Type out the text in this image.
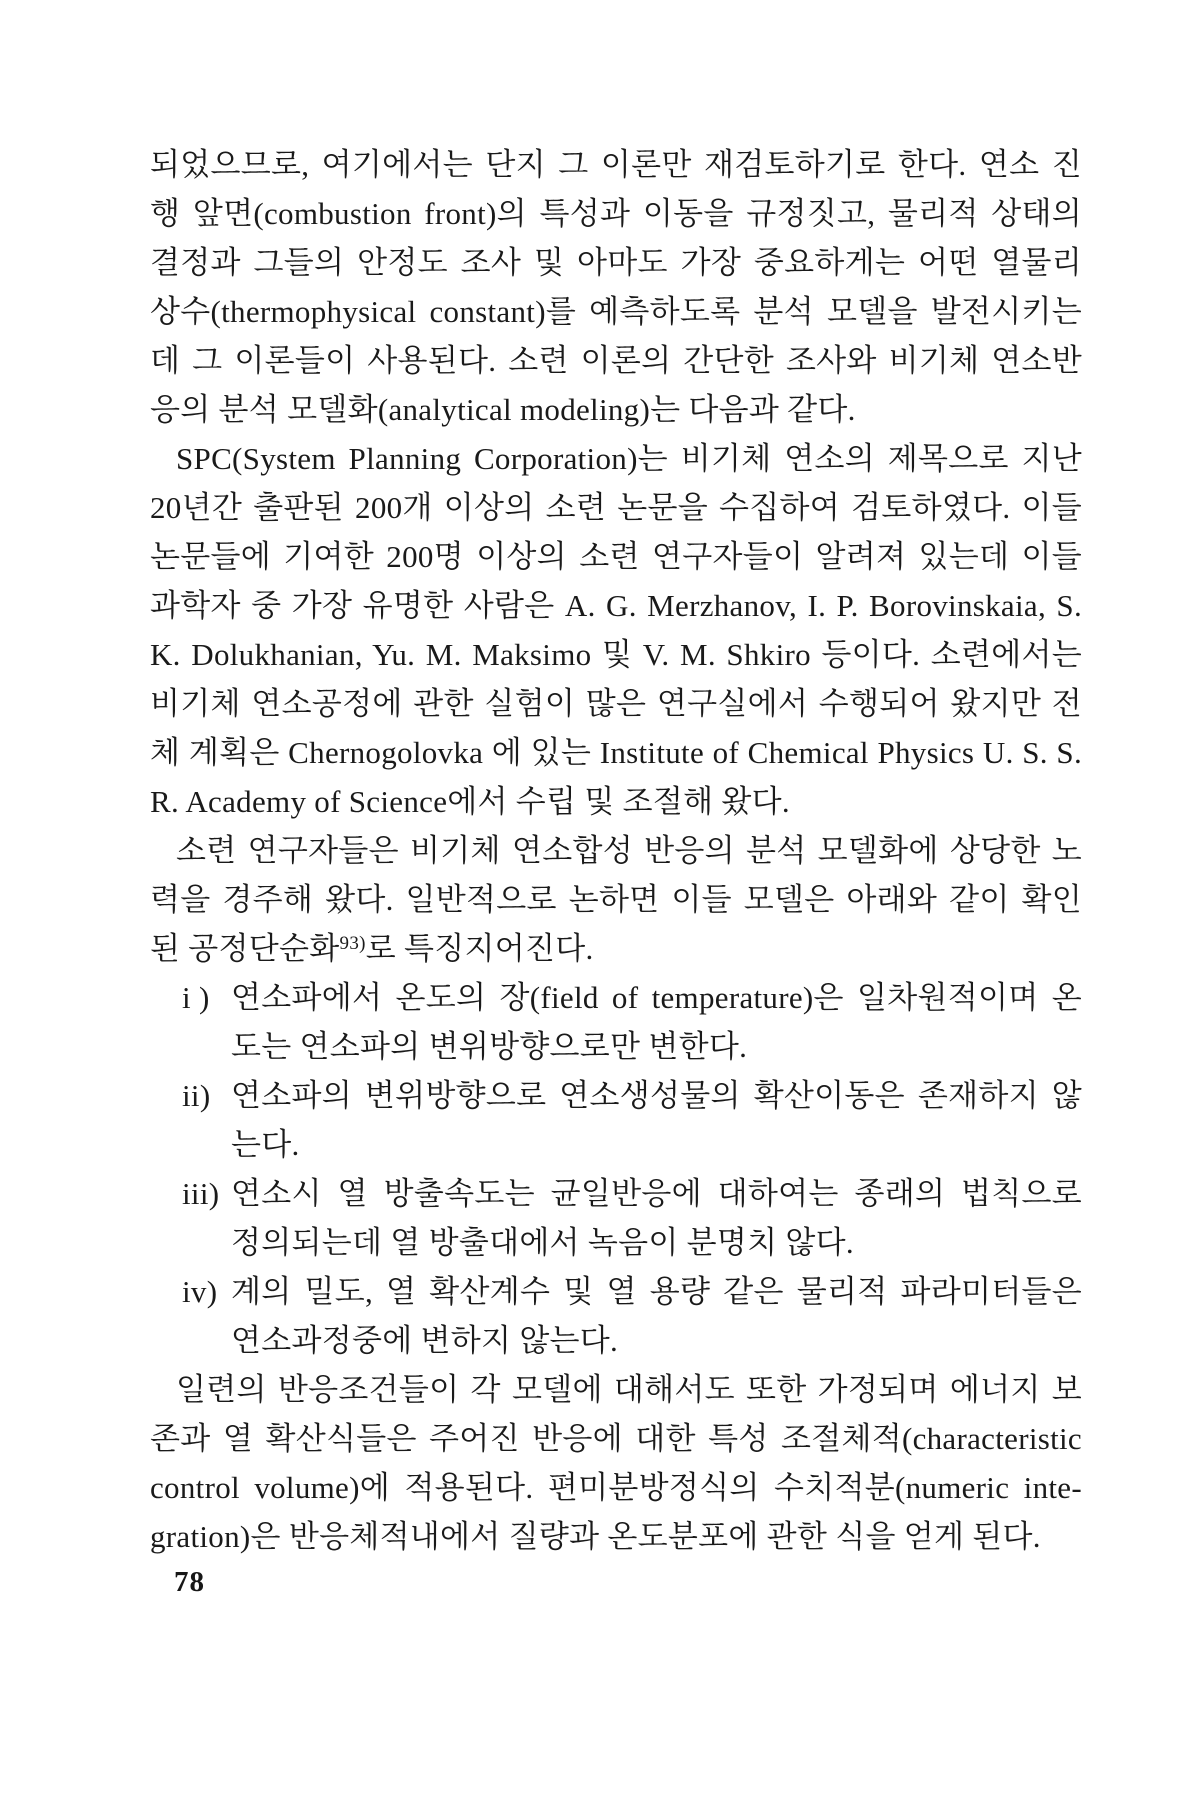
되었으므로, 여기에서는 단지 그 이론만 재검토하기로 한다. 연소 진
행 앞면(combustion front)의 특성과 이동을 규정짓고, 물리적 상태의
결정과 그들의 안정도 조사 및 아마도 가장 중요하게는 어떤 열물리
상수(thermophysical constant)를 예측하도록 분석 모델을 발전시키는
데 그 이론들이 사용된다. 소련 이론의 간단한 조사와 비기체 연소반
응의 분석 모델화(analytical modeling)는 다음과 같다.
SPC(System Planning Corporation)는 비기체 연소의 제목으로 지난
20년간 출판된 200개 이상의 소련 논문을 수집하여 검토하였다. 이들
논문들에 기여한 200명 이상의 소련 연구자들이 알려져 있는데 이들
과학자 중 가장 유명한 사람은 A. G. Merzhanov, I. P. Borovinskaia, S.
K. Dolukhanian, Yu. M. Maksimo 및 V. M. Shkiro 등이다. 소련에서는
비기체 연소공정에 관한 실험이 많은 연구실에서 수행되어 왔지만 전
체 계획은 Chernogolovka 에 있는 Institute of Chemical Physics U. S. S.
R. Academy of Science에서 수립 및 조절해 왔다.
소련 연구자들은 비기체 연소합성 반응의 분석 모델화에 상당한 노
력을 경주해 왔다. 일반적으로 논하면 이들 모델은 아래와 같이 확인
된 공정단순화$^{93)}$로 특징지어진다.
i ) 연소파에서 온도의 장(field of temperature)은 일차원적이며 온
도는 연소파의 변위방향으로만 변한다.
ii) 연소파의 변위방향으로 연소생성물의 확산이동은 존재하지 않
는다.
iii) 연소시 열 방출속도는 균일반응에 대하여는 종래의 법칙으로
정의되는데 열 방출대에서 녹음이 분명치 않다.
iv) 계의 밀도, 열 확산계수 및 열 용량 같은 물리적 파라미터들은
연소과정중에 변하지 않는다.
일련의 반응조건들이 각 모델에 대해서도 또한 가정되며 에너지 보
존과 열 확산식들은 주어진 반응에 대한 특성 조절체적(characteristic
control volume)에 적용된다. 편미분방정식의 수치적분(numeric inte-
gration)은 반응체적내에서 질량과 온도분포에 관한 식을 얻게 된다.
78
